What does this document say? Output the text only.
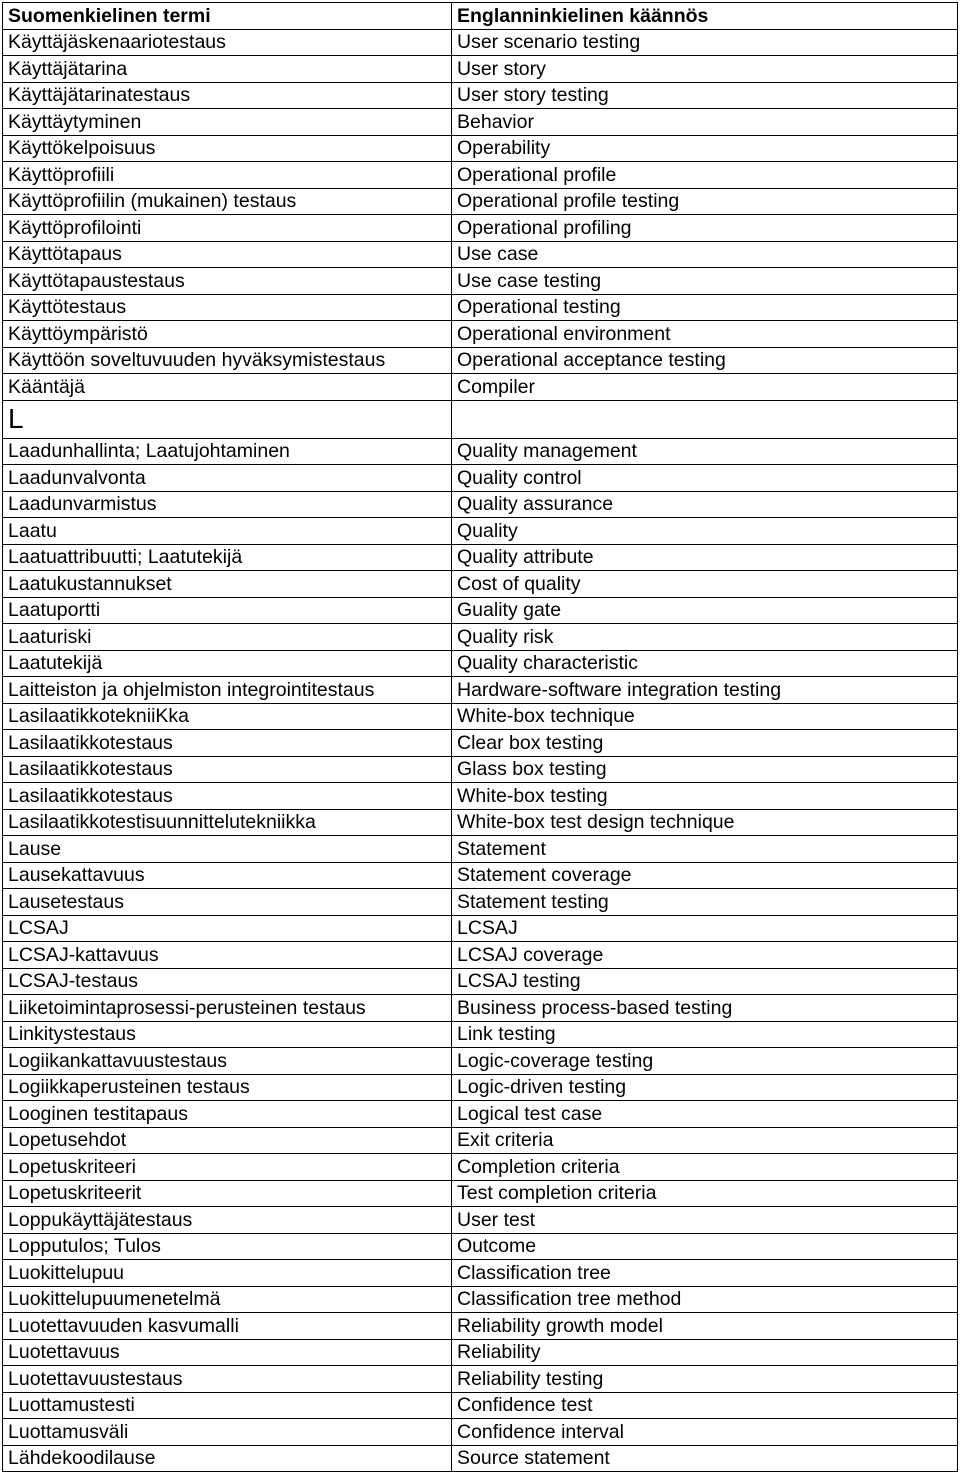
Suomenkielinen termi	Englanninkielinen käännös
Käyttäjäskenaariotestaus	User scenario testing
Käyttäjätarina	User story
Käyttäjätarinatestaus	User story testing
Käyttäytyminen	Behavior
Käyttökelpoisuus	Operability
Käyttöprofiili	Operational profile
Käyttöprofiilin (mukainen) testaus	Operational profile testing
Käyttöprofilointi	Operational profiling
Käyttötapaus	Use case
Käyttötapaustestaus	Use case testing
Käyttötestaus	Operational testing
Käyttöympäristö	Operational environment
Käyttöön soveltuvuuden hyväksymistestaus	Operational acceptance testing
Kääntäjä	Compiler
L	
Laadunhallinta; Laatujohtaminen	Quality management
Laadunvalvonta	Quality control
Laadunvarmistus	Quality assurance
Laatu	Quality
Laatuattribuutti; Laatutekijä	Quality attribute
Laatukustannukset	Cost of quality
Laatuportti	Guality gate
Laaturiski	Quality risk
Laatutekijä	Quality characteristic
Laitteiston ja ohjelmiston integrointitestaus	Hardware-software integration testing
LasilaatikkotekniiKka	White-box technique
Lasilaatikkotestaus	Clear box testing
Lasilaatikkotestaus	Glass box testing
Lasilaatikkotestaus	White-box testing
Lasilaatikkotestisuunnittelutekniikka	White-box test design technique
Lause	Statement
Lausekattavuus	Statement coverage
Lausetestaus	Statement testing
LCSAJ	LCSAJ
LCSAJ-kattavuus	LCSAJ coverage
LCSAJ-testaus	LCSAJ testing
Liiketoimintaprosessi-perusteinen testaus	Business process-based testing
Linkitystestaus	Link testing
Logiikankattavuustestaus	Logic-coverage testing
Logiikkaperusteinen testaus	Logic-driven testing
Looginen testitapaus	Logical test case
Lopetusehdot	Exit criteria
Lopetuskriteeri	Completion criteria
Lopetuskriteerit	Test completion criteria
Loppukäyttäjätestaus	User test
Lopputulos; Tulos	Outcome
Luokittelupuu	Classification tree
Luokittelupuumenetelmä	Classification tree method
Luotettavuuden kasvumalli	Reliability growth model
Luotettavuus	Reliability
Luotettavuustestaus	Reliability testing
Luottamustesti	Confidence test
Luottamusväli	Confidence interval
Lähdekoodilause	Source statement
